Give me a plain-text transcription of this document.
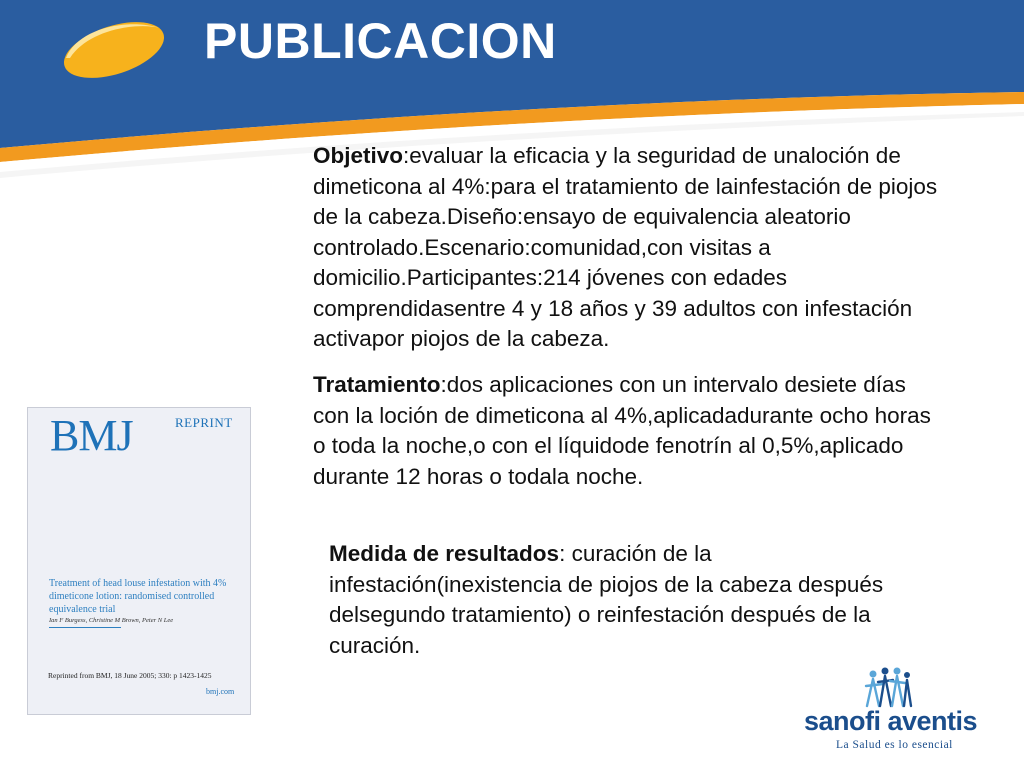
PUBLICACION

Objetivo:evaluar la eficacia y la seguridad de unaloción de dimeticona al 4%:para el tratamiento de lainfestación de piojos de la cabeza.Diseño:ensayo de equivalencia aleatorio controlado.Escenario:comunidad,con visitas a domicilio.Participantes:214 jóvenes con edades comprendidasentre 4 y 18 años y 39 adultos con infestación activapor piojos de la cabeza.

Tratamiento:dos aplicaciones con un intervalo desiete días con la loción de dimeticona al 4%,aplicadadurante ocho horas o toda la noche,o con el líquidode fenotrín al 0,5%,aplicado durante 12 horas o todala noche.

Medida de resultados: curación de la infestación(inexistencia de piojos de la cabeza después delsegundo tratamiento) o reinfestación después de la curación.

BMJ	REPRINT
Treatment of head louse infestation with 4% dimeticone lotion: randomised controlled equivalence trial
Ian F Burgess, Christine M Brown, Peter N Lee
Reprinted from BMJ, 18 June 2005; 330: p 1423-1425
bmj.com
sanofi aventis
La Salud es lo esencial
